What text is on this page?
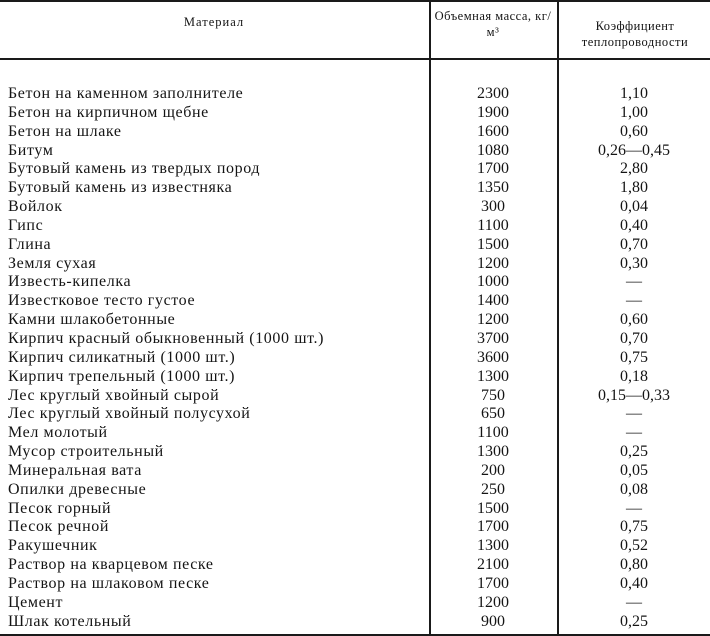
Материал	Объемная масса, кг/м³	Коэффициент теплопроводности
Бетон на каменном заполнителе	2300	1,10
Бетон на кирпичном щебне	1900	1,00
Бетон на шлаке	1600	0,60
Битум	1080	0,26—0,45
Бутовый камень из твердых пород	1700	2,80
Бутовый камень из известняка	1350	1,80
Войлок	300	0,04
Гипс	1100	0,40
Глина	1500	0,70
Земля сухая	1200	0,30
Известь-кипелка	1000	—
Известковое тесто густое	1400	—
Камни шлакобетонные	1200	0,60
Кирпич красный обыкновенный (1000 шт.)	3700	0,70
Кирпич силикатный (1000 шт.)	3600	0,75
Кирпич трепельный (1000 шт.)	1300	0,18
Лес круглый хвойный сырой	750	0,15—0,33
Лес круглый хвойный полусухой	650	—
Мел молотый	1100	—
Мусор строительный	1300	0,25
Минеральная вата	200	0,05
Опилки древесные	250	0,08
Песок горный	1500	—
Песок речной	1700	0,75
Ракушечник	1300	0,52
Раствор на кварцевом песке	2100	0,80
Раствор на шлаковом песке	1700	0,40
Цемент	1200	—
Шлак котельный	900	0,25
